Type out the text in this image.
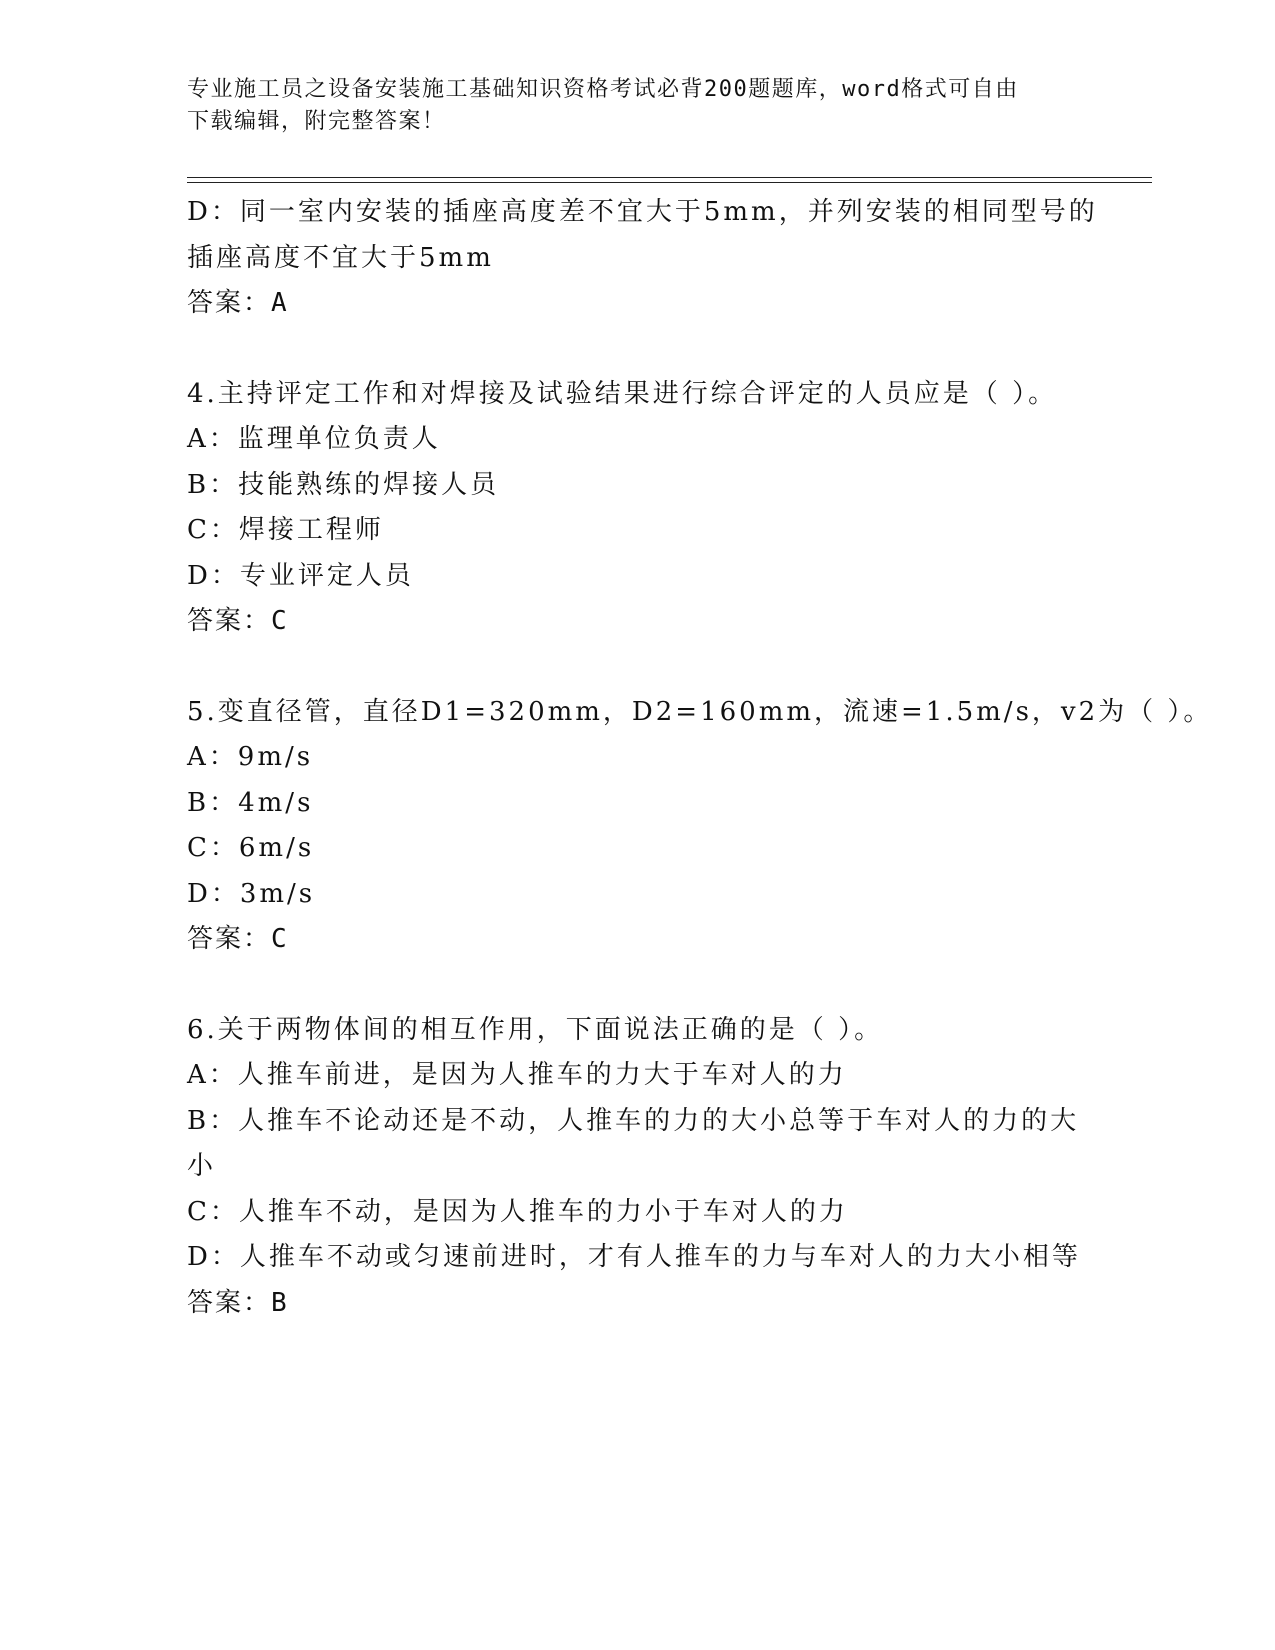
专业施工员之设备安装施工基础知识资格考试必背200题题库，word格式可自由
下载编辑，附完整答案！
D：同一室内安装的插座高度差不宜大于5mm，并列安装的相同型号的
插座高度不宜大于5mm
答案：A
4.主持评定工作和对焊接及试验结果进行综合评定的人员应是（ ）。
A：监理单位负责人
B：技能熟练的焊接人员
C：焊接工程师
D：专业评定人员
答案：C
5.变直径管，直径D1=320mm，D2=160mm，流速=1.5m/s，v2为（ ）。
A：9m/s
B：4m/s
C：6m/s
D：3m/s
答案：C
6.关于两物体间的相互作用，下面说法正确的是（ ）。
A：人推车前进，是因为人推车的力大于车对人的力
B：人推车不论动还是不动，人推车的力的大小总等于车对人的力的大
小
C：人推车不动，是因为人推车的力小于车对人的力
D：人推车不动或匀速前进时，才有人推车的力与车对人的力大小相等
答案：B
